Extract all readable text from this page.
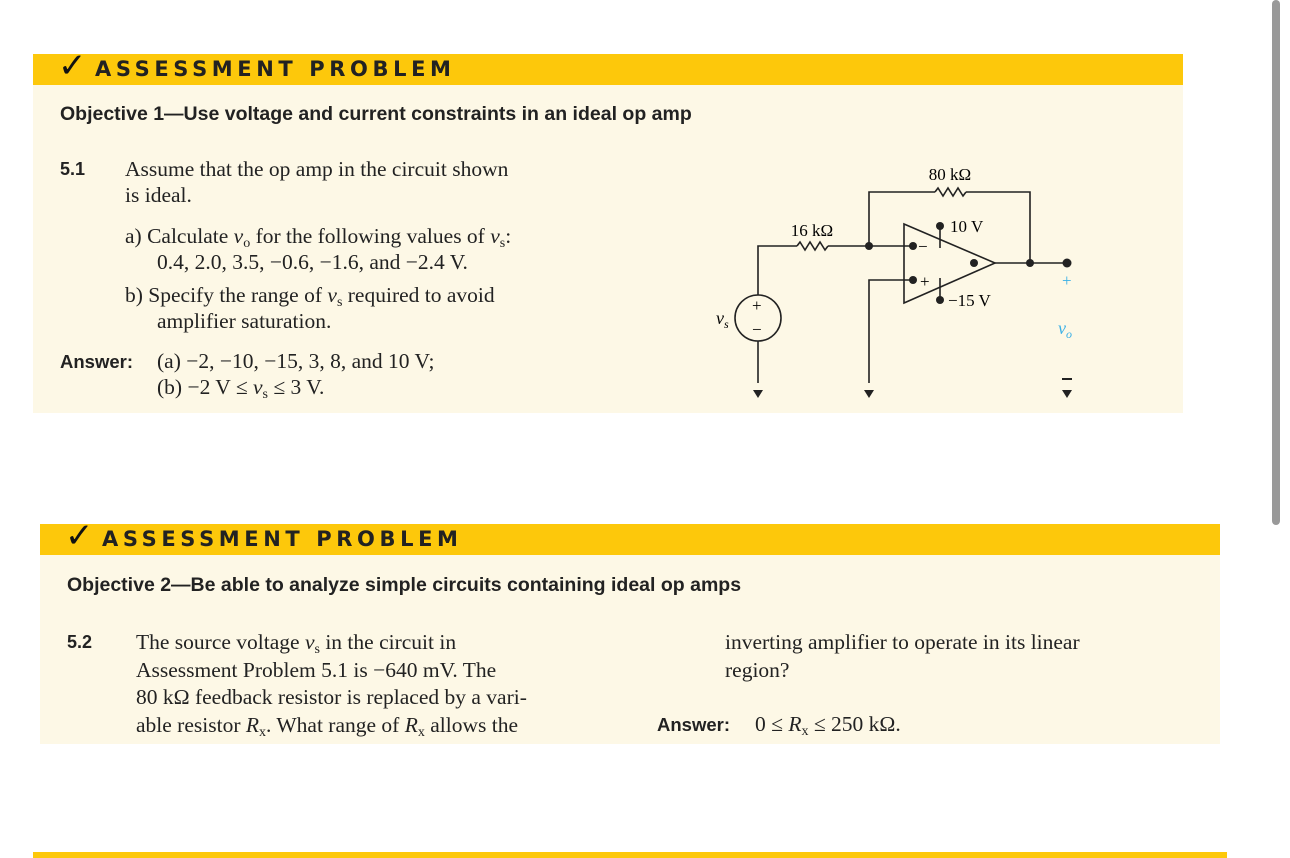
✓ ASSESSMENT PROBLEM
Objective 1—Use voltage and current constraints in an ideal op amp
5.1 Assume that the op amp in the circuit shown
is ideal.
a) Calculate $v_o$ for the following values of $v_s$:
0.4, 2.0, 3.5, −0.6, −1.6, and −2.4 V.
b) Specify the range of $v_s$ required to avoid
amplifier saturation.
Answer: (a) −2, −10, −15, 3, 8, and 10 V;
(b) −2 $V \le v_s \le 3$ V.
16 kΩ
80 kΩ
10 V
−15 V
−
+
+
−
$v_s$
+
$v_o$
✓ ASSESSMENT PROBLEM
Objective 2—Be able to analyze simple circuits containing ideal op amps
5.2 The source voltage $v_s$ in the circuit in
Assessment Problem 5.1 is −640 mV. The
80 kΩ feedback resistor is replaced by a vari-
able resistor $R_x$. What range of $R_x$ allows the
inverting amplifier to operate in its linear
region?
Answer: $0 \le R_x \le 250$ kΩ.
